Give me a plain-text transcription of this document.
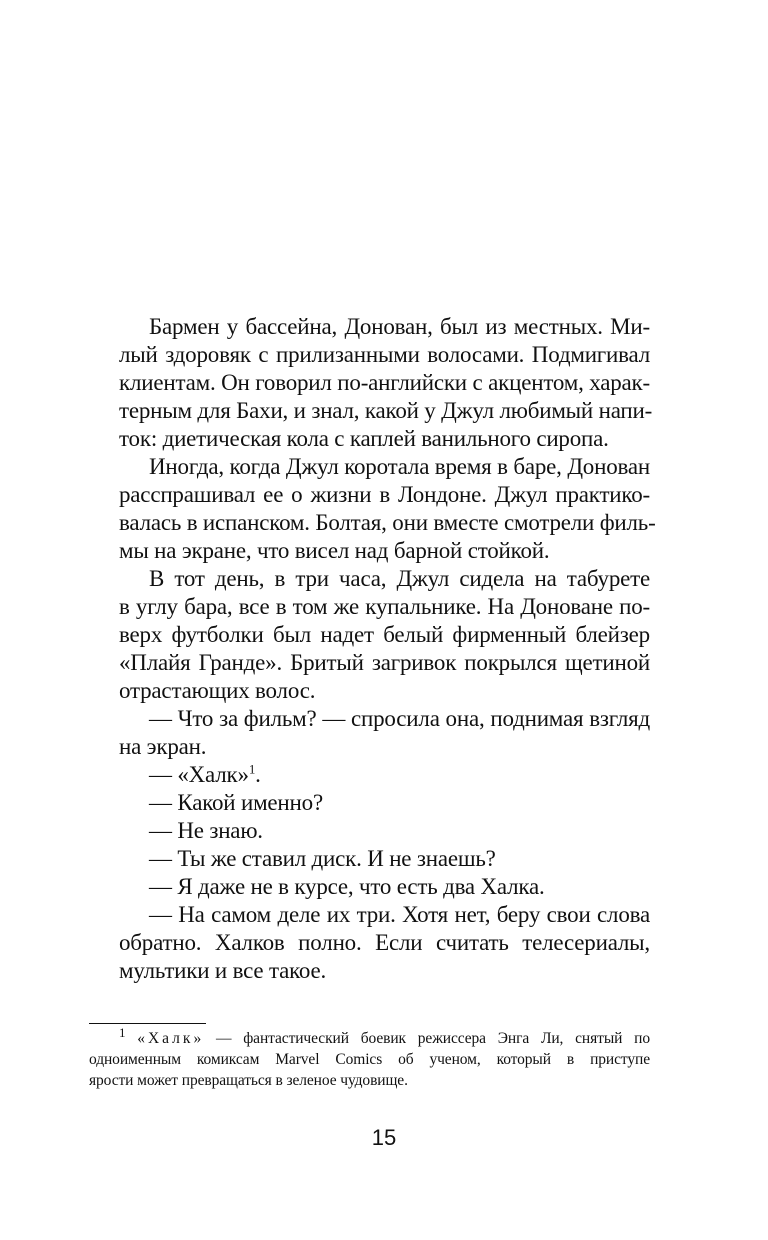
Бармен у бассейна, Донован, был из местных. Ми-
лый здоровяк с прилизанными волосами. Подмигивал
клиентам. Он говорил по-английски с акцентом, харак-
терным для Бахи, и знал, какой у Джул любимый напи-
ток: диетическая кола с каплей ванильного сиропа.

Иногда, когда Джул коротала время в баре, Донован
расспрашивал ее о жизни в Лондоне. Джул практико-
валась в испанском. Болтая, они вместе смотрели филь-
мы на экране, что висел над барной стойкой.

В тот день, в три часа, Джул сидела на табурете
в углу бара, все в том же купальнике. На Доноване по-
верх футболки был надет белый фирменный блейзер
«Плайя Гранде». Бритый загривок покрылся щетиной
отрастающих волос.

— Что за фильм? — спросила она, поднимая взгляд
на экран.

— «Халк»$^1$.

— Какой именно?

— Не знаю.

— Ты же ставил диск. И не знаешь?

— Я даже не в курсе, что есть два Халка.

— На самом деле их три. Хотя нет, беру свои слова
обратно. Халков полно. Если считать телесериалы,
мультики и все такое.

$^1$ «Халк» — фантастический боевик режиссера Энга Ли, снятый по
одноименным комиксам Marvel Comics об ученом, который в приступе
ярости может превращаться в зеленое чудовище.
15
